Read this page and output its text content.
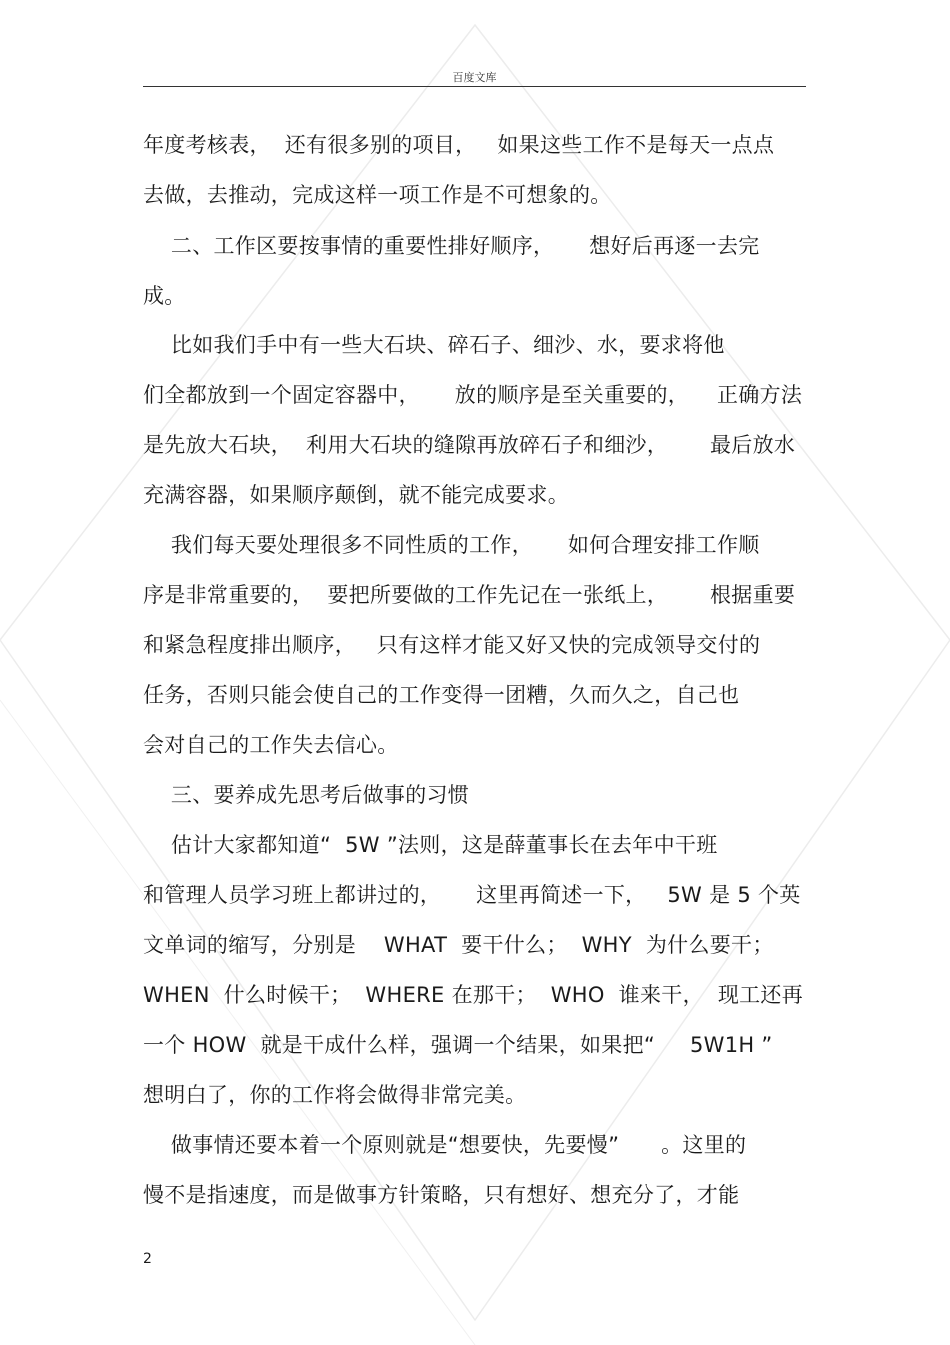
百度文库
年度考核表，  还有很多别的项目，   如果这些工作不是每天一点点
去做，去推动，完成这样一项工作是不可想象的。
二、工作区要按事情的重要性排好顺序，     想好后再逐一去完
成。
比如我们手中有一些大石块、碎石子、细沙、水，要求将他
们全都放到一个固定容器中，     放的顺序是至关重要的，    正确方法
是先放大石块，  利用大石块的缝隙再放碎石子和细沙，      最后放水
充满容器，如果顺序颠倒，就不能完成要求。
我们每天要处理很多不同性质的工作，     如何合理安排工作顺
序是非常重要的，  要把所要做的工作先记在一张纸上，      根据重要
和紧急程度排出顺序，   只有这样才能又好又快的完成领导交付的
任务，否则只能会使自己的工作变得一团糟，久而久之，自己也
会对自己的工作失去信心。
三、要养成先思考后做事的习惯
估计大家都知道“  5W ”法则，这是薛董事长在去年中干班
和管理人员学习班上都讲过的，     这里再简述一下，   5W 是 5 个英
文单词的缩写，分别是    WHAT  要干什么；  WHY  为什么要干；
WHEN  什么时候干；  WHERE 在那干；  WHO  谁来干，  现工还再
一个 HOW  就是干成什么样，强调一个结果，如果把“     5W1H ”
想明白了，你的工作将会做得非常完美。
做事情还要本着一个原则就是“想要快，先要慢”      。这里的
慢不是指速度，而是做事方针策略，只有想好、想充分了，才能
2
